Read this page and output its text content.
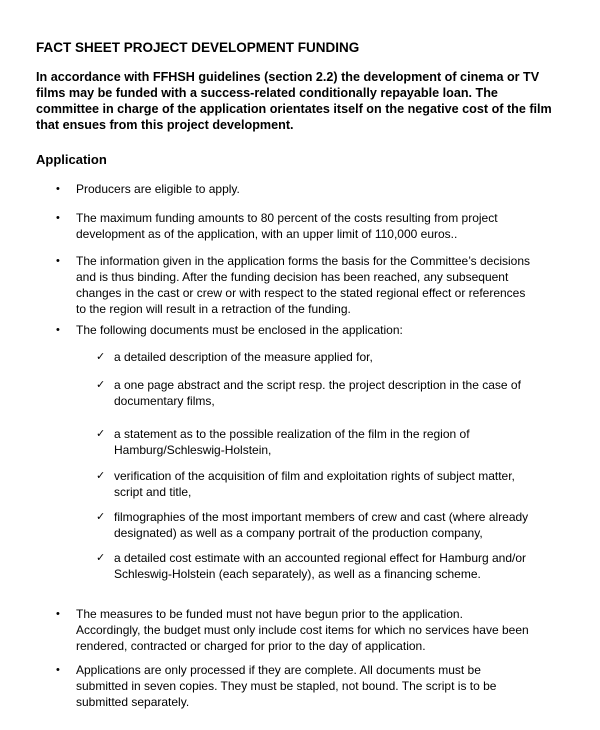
FACT SHEET PROJECT DEVELOPMENT FUNDING
In accordance with FFHSH guidelines (section 2.2) the development of cinema or TV
films may be funded with a success-related conditionally repayable loan. The
committee in charge of the application orientates itself on the negative cost of the film
that ensues from this project development.
Application
• Producers are eligible to apply.
• The maximum funding amounts to 80 percent of the costs resulting from project
development as of the application, with an upper limit of 110,000 euros..
• The information given in the application forms the basis for the Committee’s decisions
and is thus binding. After the funding decision has been reached, any subsequent
changes in the cast or crew or with respect to the stated regional effect or references
to the region will result in a retraction of the funding.
• The following documents must be enclosed in the application:
✓ a detailed description of the measure applied for,
✓ a one page abstract and the script resp. the project description in the case of
documentary films,
✓ a statement as to the possible realization of the film in the region of
Hamburg/Schleswig-Holstein,
✓ verification of the acquisition of film and exploitation rights of subject matter,
script and title,
✓ filmographies of the most important members of crew and cast (where already
designated) as well as a company portrait of the production company,
✓ a detailed cost estimate with an accounted regional effect for Hamburg and/or
Schleswig-Holstein (each separately), as well as a financing scheme.
• The measures to be funded must not have begun prior to the application.
Accordingly, the budget must only include cost items for which no services have been
rendered, contracted or charged for prior to the day of application.
• Applications are only processed if they are complete. All documents must be
submitted in seven copies. They must be stapled, not bound. The script is to be
submitted separately.
